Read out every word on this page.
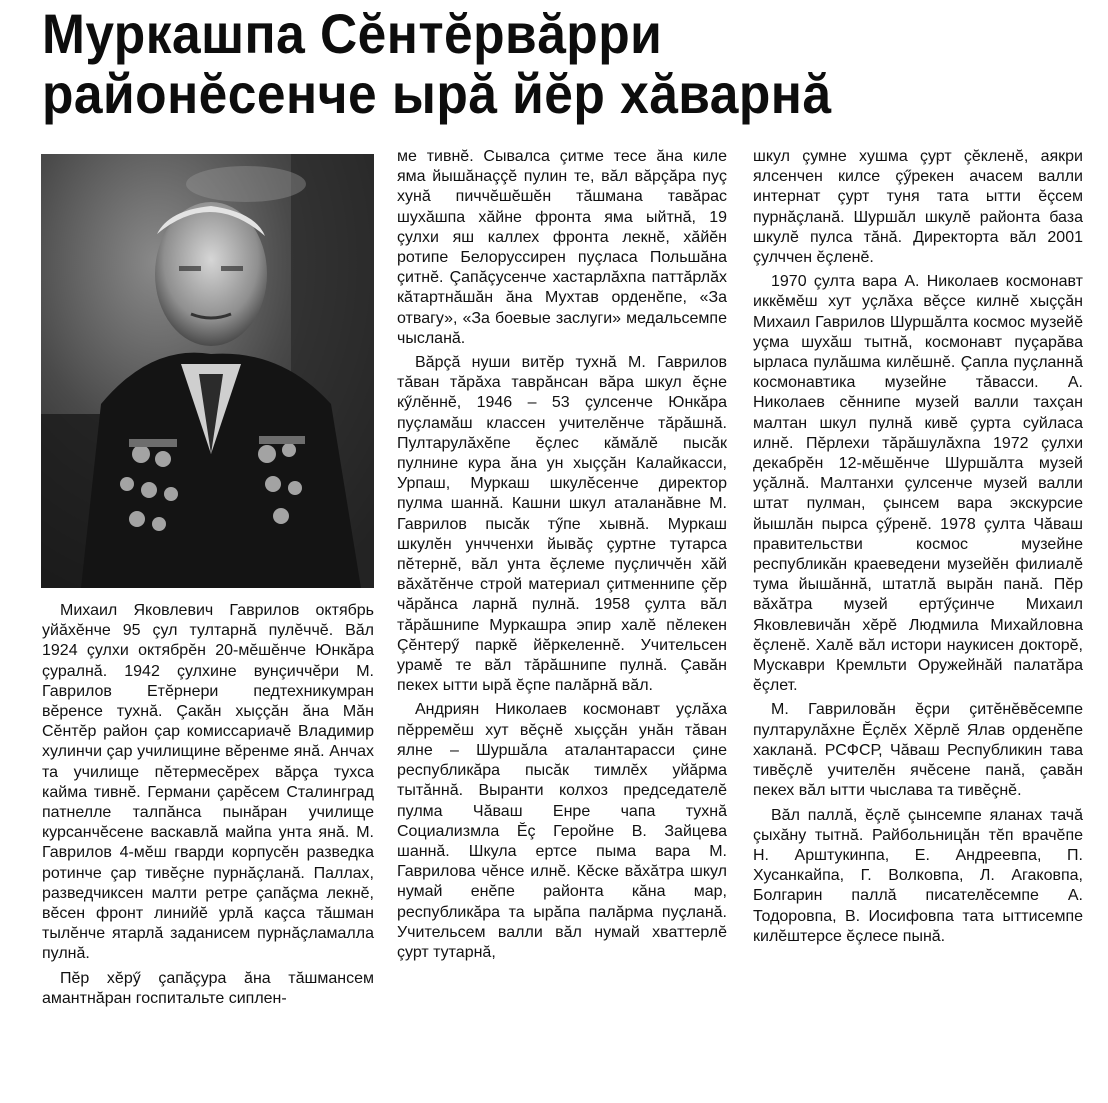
Муркашпа Сĕнтĕрвăрри
районĕсенче ырă йĕр хăварнă

Михаил Яковлевич Гаврилов октябрь уйăхĕнче 95 çул тултарнă пулĕччĕ. Вăл 1924 çулхи октябрĕн 20-мĕшĕнче Юнкăра çуралнă. 1942 çулхине вунçиччĕри М. Гаврилов Етĕрнери педтехникумран вĕренсе тухнă. Çакăн хыççăн ăна Мăн Сĕнтĕр район çар комиссариачĕ Владимир хулинчи çар училищине вĕренме янă. Анчах та училище пĕтермесĕрех вăрçа тухса кайма тивнĕ. Германи çарĕсем Сталинград патнелле талпăнса пынăран училище курсанчĕсене васкавлă майпа унта янă. М. Гаврилов 4-мĕш гварди корпусĕн разведка ротинче çар тивĕçне пурнăçланă. Паллах, разведчиксен малти ретре çапăçма лекнĕ, вĕсен фронт линийĕ урлă каçса тăшман тылĕнче ятарлă заданисем пурнăçламалла пулнă.

Пĕр хĕрӳ çапăçура ăна тăшмансем амантнăран госпитальте сиплен-

ме тивнĕ. Сывалса çитме тесе ăна киле яма йышăнаççĕ пулин те, вăл вăрçăра пуç хунă пиччĕшĕшĕн тăшмана тавăрас шухăшпа хăйне фронта яма ыйтнă, 19 çулхи яш каллех фронта лекнĕ, хăйĕн ротипе Белоруссирен пуçласа Польшăна çитнĕ. Çапăçусенче хастарлăхпа паттăрлăх кăтартнăшăн ăна Мухтав орденĕпе, «За отвагу», «За боевые заслуги» медальсемпе чысланă.

Вăрçă нуши витĕр тухнă М. Гаврилов тăван тăрăха таврăнсан вăра шкул ĕçне кӳлĕннĕ, 1946 – 53 çулсенче Юнкăра пуçламăш классен учителĕнче тăрăшнă. Пултарулăхĕпе ĕçлес кăмăлĕ пысăк пулнине кура ăна ун хыççăн Калайкасси, Урпаш, Муркаш шкулĕсенче директор пулма шаннă. Кашни шкул аталанăвне М. Гаврилов пысăк тӳпе хывнă. Муркаш шкулĕн унчченхи йывăç çуртне тутарса пĕтернĕ, вăл унта ĕçлеме пуçличчĕн хăй вăхăтĕнче строй материал çитменнипе çĕр чăрăнса ларнă пулнă. 1958 çулта вăл тăрăшнипе Муркашра эпир халĕ пĕлекен Çĕнтерӳ паркĕ йĕркеленнĕ. Учительсен урамĕ те вăл тăрăшнипе пулнă. Çавăн пекех ытти ырă ĕçпе палăрнă вăл.

Андриян Николаев космонавт уçлăха пĕрремĕш хут вĕçнĕ хыççăн унăн тăван ялне – Шуршăла аталантарасси çине республикăра пысăк тимлĕх уйăрма тытăннă. Выранти колхоз председателĕ пулма Чăваш Енре чапа тухнă Социализмла Ĕç Геройне В. Зайцева шаннă. Шкула ертсе пыма вара М. Гаврилова чĕнсе илнĕ. Кĕске вăхăтра шкул нумай енĕпе районта кăна мар, республикăра та ырăпа палăрма пуçланă. Учительсем валли вăл нумай хваттерлĕ çурт тутарнă,

шкул çумне хушма çурт çĕкленĕ, аякри ялсенчен килсе çӳрекен ачасем валли интернат çурт туня тата ытти ĕçсем пурнăçланă. Шуршăл шкулĕ районта база шкулĕ пулса тăнă. Директорта вăл 2001 çулччен ĕçленĕ.

1970 çулта вара А. Николаев космонавт иккĕмĕш хут уçлăха вĕçсе килнĕ хыççăн Михаил Гаврилов Шуршăлта космос музейĕ уçма шухăш тытнă, космонавт пуçарăва ырласа пулăшма килĕшнĕ. Çапла пуçланнă космонавтика музейне тăвасси. А. Николаев сĕннипе музей валли тахçан малтан шкул пулнă кивĕ çурта суйласа илнĕ. Пĕрлехи тăрăшулăхпа 1972 çулхи декабрĕн 12-мĕшĕнче Шуршăлта музей уçăлнă. Малтанхи çулсенче музей валли штат пулман, çынсем вара экскурсие йышлăн пырса çӳренĕ. 1978 çулта Чăваш правительстви космос музейне республикăн краеведени музейĕн филиалĕ тума йышăннă, штатлă вырăн панă. Пĕр вăхăтра музей ертӳçинче Михаил Яковлевичăн хĕрĕ Людмила Михайловна ĕçленĕ. Халĕ вăл истори наукисен докторĕ, Мускаври Кремльти Оружейнăй палатăра ĕçлет.

М. Гавриловăн ĕçри çитĕнĕвĕсемпе пултарулăхне Ĕçлĕх Хĕрлĕ Ялав орденĕпе хакланă. РСФСР, Чăваш Республикин тава тивĕçлĕ учителĕн ячĕсене панă, çавăн пекех вăл ытти чыслава та тивĕçнĕ.

Вăл паллă, ĕçлĕ çынсемпе яланах тачă çыхăну тытнă. Райбольницăн тĕп врачĕпе Н. Арштукинпа, Е. Андреевпа, П. Хусанкайпа, Г. Волковпа, Л. Агаковпа, Болгарин паллă писателĕсемпе А. Тодоровпа, В. Иосифовпа тата ыттисемпе килĕштерсе ĕçлесе пынă.
